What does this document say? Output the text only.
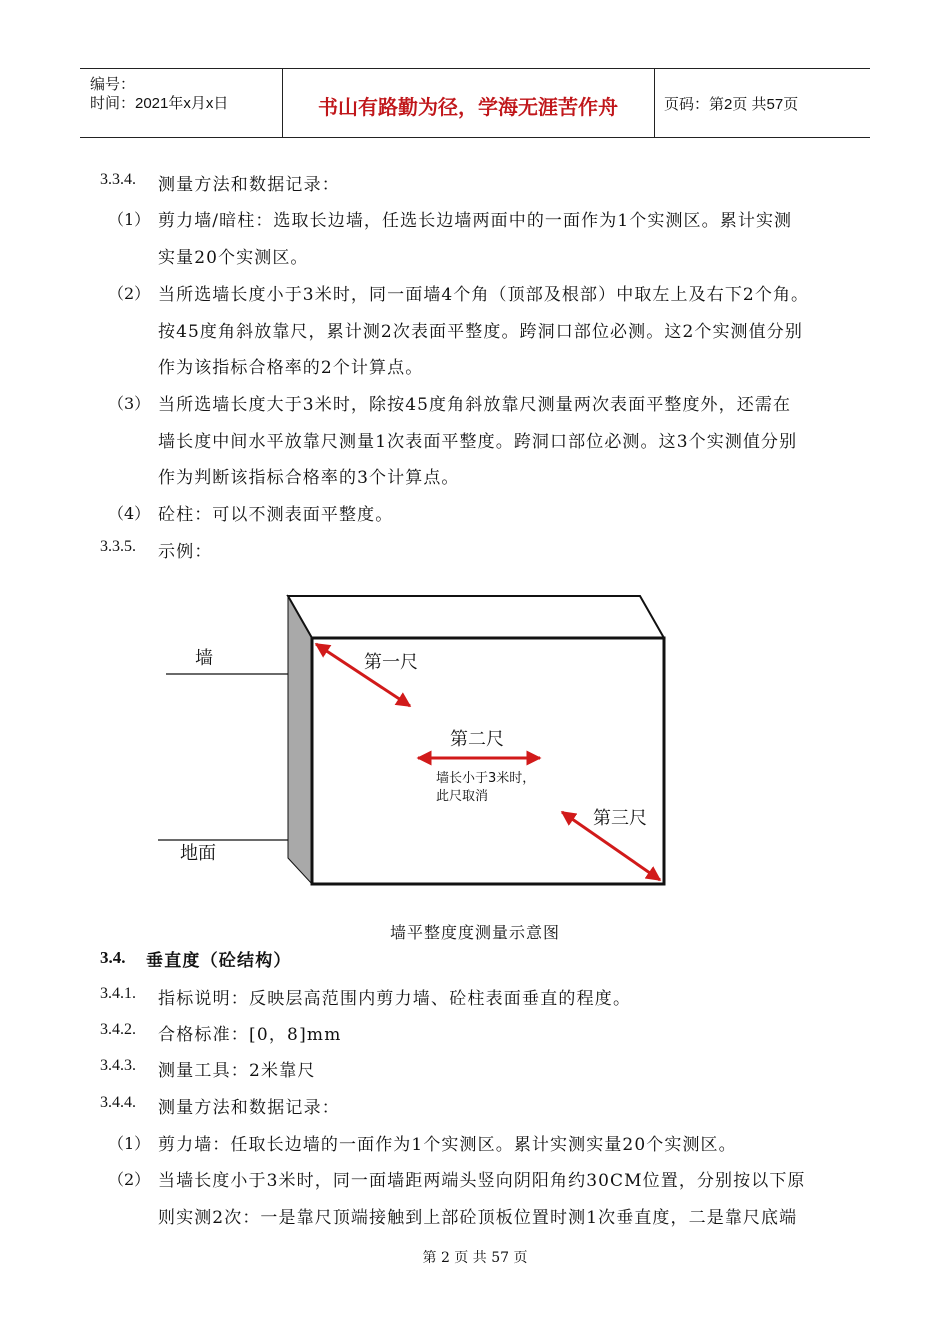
编号：
时间：2021年x月x日	书山有路勤为径，学海无涯苦作舟	页码：第2页 共57页
3.3.4. 测量方法和数据记录：
（1） 剪力墙/暗柱：选取长边墙，任选长边墙两面中的一面作为1个实测区。累计实测
实量20个实测区。
（2） 当所选墙长度小于3米时，同一面墙4个角（顶部及根部）中取左上及右下2个角。
按45度角斜放靠尺，累计测2次表面平整度。跨洞口部位必测。这2个实测值分别
作为该指标合格率的2个计算点。
（3） 当所选墙长度大于3米时，除按45度角斜放靠尺测量两次表面平整度外，还需在
墙长度中间水平放靠尺测量1次表面平整度。跨洞口部位必测。这3个实测值分别
作为判断该指标合格率的3个计算点。
（4） 砼柱：可以不测表面平整度。
3.3.5. 示例：
墙
地面
第一尺
第二尺
第三尺
墙长小于3米时，
此尺取消
墙平整度度测量示意图
3.4. 垂直度（砼结构）
3.4.1. 指标说明：反映层高范围内剪力墙、砼柱表面垂直的程度。
3.4.2. 合格标准：[0，8]mm
3.4.3. 测量工具：2米靠尺
3.4.4. 测量方法和数据记录：
（1） 剪力墙：任取长边墙的一面作为1个实测区。累计实测实量20个实测区。
（2） 当墙长度小于3米时，同一面墙距两端头竖向阴阳角约30CM位置，分别按以下原
则实测2次：一是靠尺顶端接触到上部砼顶板位置时测1次垂直度，二是靠尺底端
第 2 页 共 57 页
